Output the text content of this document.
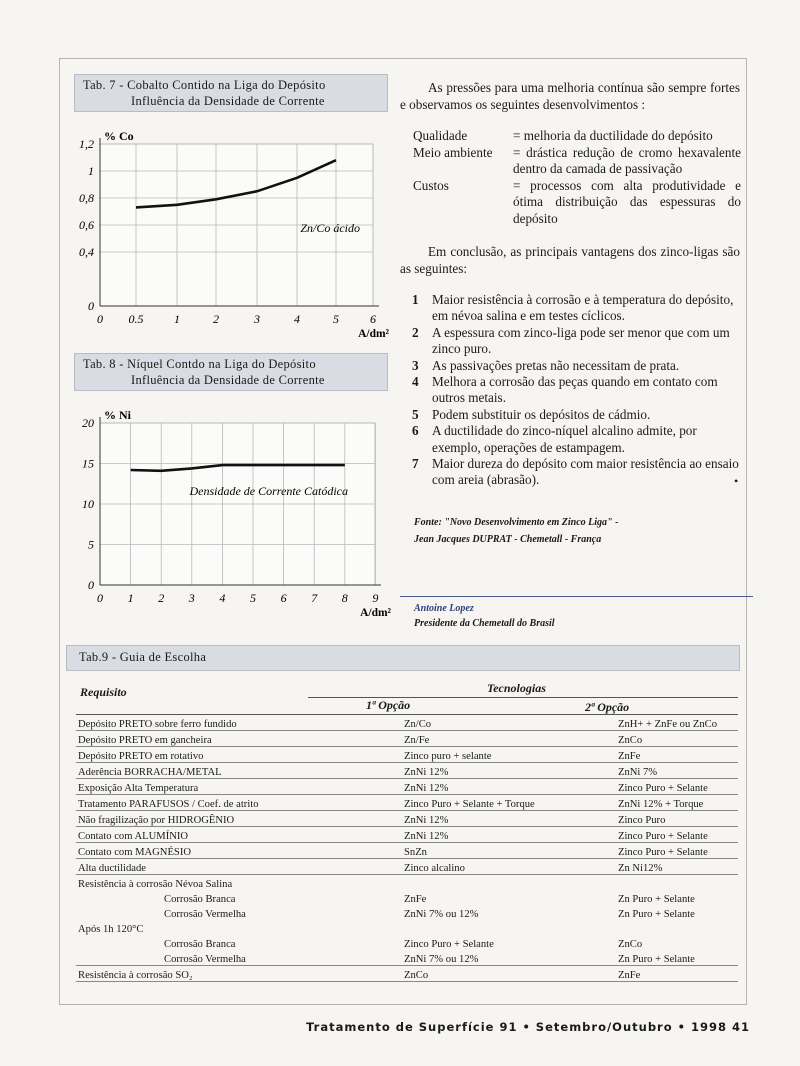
Tab. 7 - Cobalto Contido na Liga do Depósito
Influência da Densidade de Corrente
0
0,4
0,6
0,8
1
1,2
0 0.5	1	2	3	4	5	6
% Co
A/dm²
Zn/Co ácido
Tab. 8 - Níquel Contdo na Liga do Depósito
Influência da Densidade de Corrente
0
5
10
15
20
0 1 2 3 4 5 6 7 8 9
% Ni
A/dm²
Densidade de Corrente Catódica

As pressões para uma melhoria contínua são sempre fortes e observamos os seguintes desenvolvimentos :

Qualidade	= melhoria da ductilidade do depósito
Meio ambiente	= drástica redução de cromo hexavalente dentro da camada de passivação
Custos	= processos com alta produtividade e ótima distribuição das espessuras do depósito

Em conclusão, as principais vantagens dos zinco-ligas são as seguintes:

1	Maior resistência à corrosão e à temperatura do depósito, em névoa salina e em testes cíclicos.
2	A espessura com zinco-liga pode ser menor que com um zinco puro.
3	As passivações pretas não necessitam de prata.
4	Melhora a corrosão das peças quando em contato com outros metais.
5	Podem substituir os depósitos de cádmio.
6	A ductilidade do zinco-níquel alcalino admite, por exemplo, operações de estampagem.
7	Maior dureza do depósito com maior resistência ao ensaio com areia (abrasão).	•
Fonte: "Novo Desenvolvimento em Zinco Liga" -
Jean Jacques DUPRAT - Chemetall - França
Antoine Lopez
Presidente da Chemetall do Brasil
Tab.9 - Guia de Escolha
Requisito	Tecnologias
1ª Opção	2ª Opção
Depósito PRETO sobre ferro fundido	Zn/Co	ZnH+ + ZnFe ou ZnCo
Depósito PRETO em gancheira	Zn/Fe	ZnCo
Depósito PRETO em rotativo	Zinco puro + selante	ZnFe
Aderência BORRACHA/METAL	ZnNi 12%	ZnNi 7%
Exposição Alta Temperatura	ZnNi 12%	Zinco Puro + Selante
Tratamento PARAFUSOS / Coef. de atrito	Zinco Puro + Selante + Torque	ZnNi 12% + Torque
Não fragilização por HIDROGÊNIO	ZnNi 12%	Zinco Puro
Contato com ALUMÍNIO	ZnNi 12%	Zinco Puro + Selante
Contato com MAGNÉSIO	SnZn	Zinco Puro + Selante
Alta ductilidade	Zinco alcalino	Zn Ni12%
Resistência à corrosão Névoa Salina		
Corrosão Branca	ZnFe	Zn Puro + Selante
Corrosão Vermelha	ZnNi 7% ou 12%	Zn Puro + Selante
Após 1h 120°C		
Corrosão Branca	Zinco Puro + Selante	ZnCo
Corrosão Vermelha	ZnNi 7% ou 12%	Zn Puro + Selante
Resistência à corrosão SO₂	ZnCo	ZnFe
Tratamento de Superfície 91 • Setembro/Outubro • 1998 41
